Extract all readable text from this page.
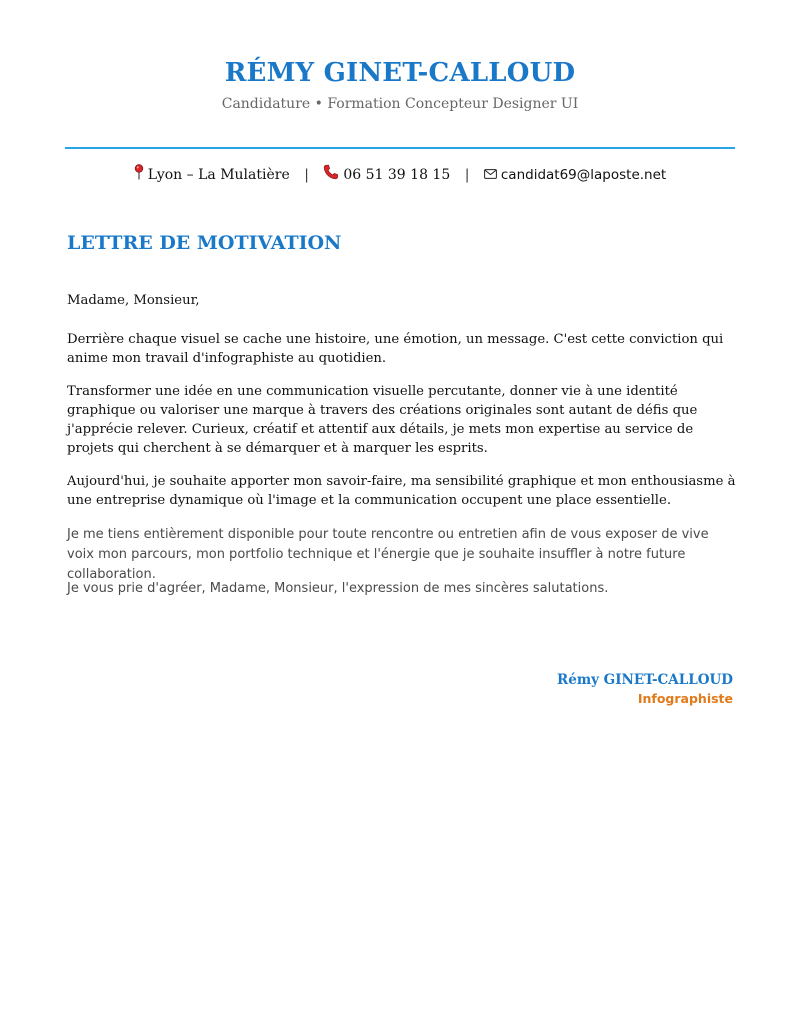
RÉMY GINET-CALLOUD
Candidature • Formation Concepteur Designer UI
Lyon – La Mulatière | 06 51 39 18 15 | candidat69@laposte.net
LETTRE DE MOTIVATION

Madame, Monsieur,

Derrière chaque visuel se cache une histoire, une émotion, un message. C'est cette conviction qui anime mon travail d'infographiste au quotidien.

Transformer une idée en une communication visuelle percutante, donner vie à une identité graphique ou valoriser une marque à travers des créations originales sont autant de défis que j'apprécie relever. Curieux, créatif et attentif aux détails, je mets mon expertise au service de projets qui cherchent à se démarquer et à marquer les esprits.

Aujourd'hui, je souhaite apporter mon savoir-faire, ma sensibilité graphique et mon enthousiasme à une entreprise dynamique où l'image et la communication occupent une place essentielle.

Je me tiens entièrement disponible pour toute rencontre ou entretien afin de vous exposer de vive voix mon parcours, mon portfolio technique et l'énergie que je souhaite insuffler à notre future collaboration.

Je vous prie d'agréer, Madame, Monsieur, l'expression de mes sincères salutations.

Rémy GINET-CALLOUD
Infographiste
